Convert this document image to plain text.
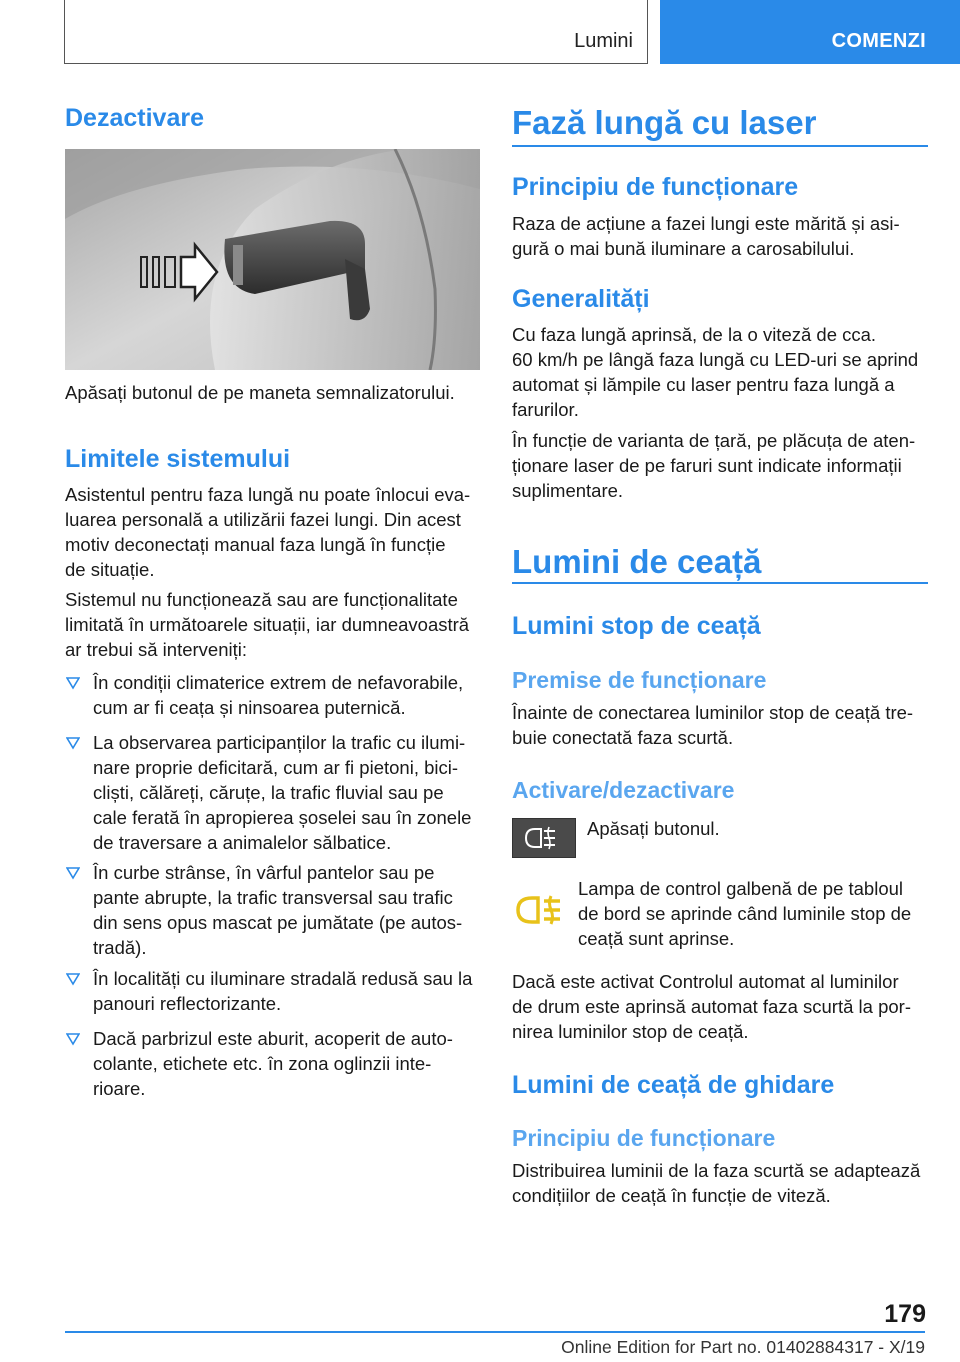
Lumini	COMENZI
Dezactivare

Apăsați butonul de pe maneta semnalizatorului.

Limitele sistemului

Asistentul pentru faza lungă nu poate înlocui eva‐
luarea personală a utilizării fazei lungi. Din acest
motiv deconectați manual faza lungă în funcție
de situație.

Sistemul nu funcționează sau are funcționalitate
limitată în următoarele situații, iar dumneavoastră
ar trebui să interveniți:

În condiții climaterice extrem de nefavorabile,
cum ar fi ceața și ninsoarea puternică.

La observarea participanților la trafic cu ilumi‐
nare proprie deficitară, cum ar fi pietoni, bici‐
cliști, călăreți, căruțe, la trafic fluvial sau pe
cale ferată în apropierea șoselei sau în zonele
de traversare a animalelor sălbatice.

În curbe strânse, în vârful pantelor sau pe
pante abrupte, la trafic transversal sau trafic
din sens opus mascat pe jumătate (pe autos‐
tradă).

În localități cu iluminare stradală redusă sau la
panouri reflectorizante.

Dacă parbrizul este aburit, acoperit de auto‐
colante, etichete etc. în zona oglinzii inte‐
rioare.

Fază lungă cu laser
Principiu de funcționare

Raza de acțiune a fazei lungi este mărită și asi‐
gură o mai bună iluminare a carosabilului.

Generalități

Cu faza lungă aprinsă, de la o viteză de cca.
60 km/h pe lângă faza lungă cu LED-uri se aprind
automat și lămpile cu laser pentru faza lungă a
farurilor.

În funcție de varianta de țară, pe plăcuța de aten‐
ționare laser de pe faruri sunt indicate informații
suplimentare.

Lumini de ceață
Lumini stop de ceață
Premise de funcționare

Înainte de conectarea luminilor stop de ceață tre‐
buie conectată faza scurtă.

Activare/dezactivare

Apăsați butonul.

Lampa de control galbenă de pe tabloul
de bord se aprinde când luminile stop de
ceață sunt aprinse.

Dacă este activat Controlul automat al luminilor
de drum este aprinsă automat faza scurtă la por‐
nirea luminilor stop de ceață.

Lumini de ceață de ghidare
Principiu de funcționare

Distribuirea luminii de la faza scurtă se adaptează
condițiilor de ceață în funcție de viteză.

179
Online Edition for Part no. 01402884317 - X/19
